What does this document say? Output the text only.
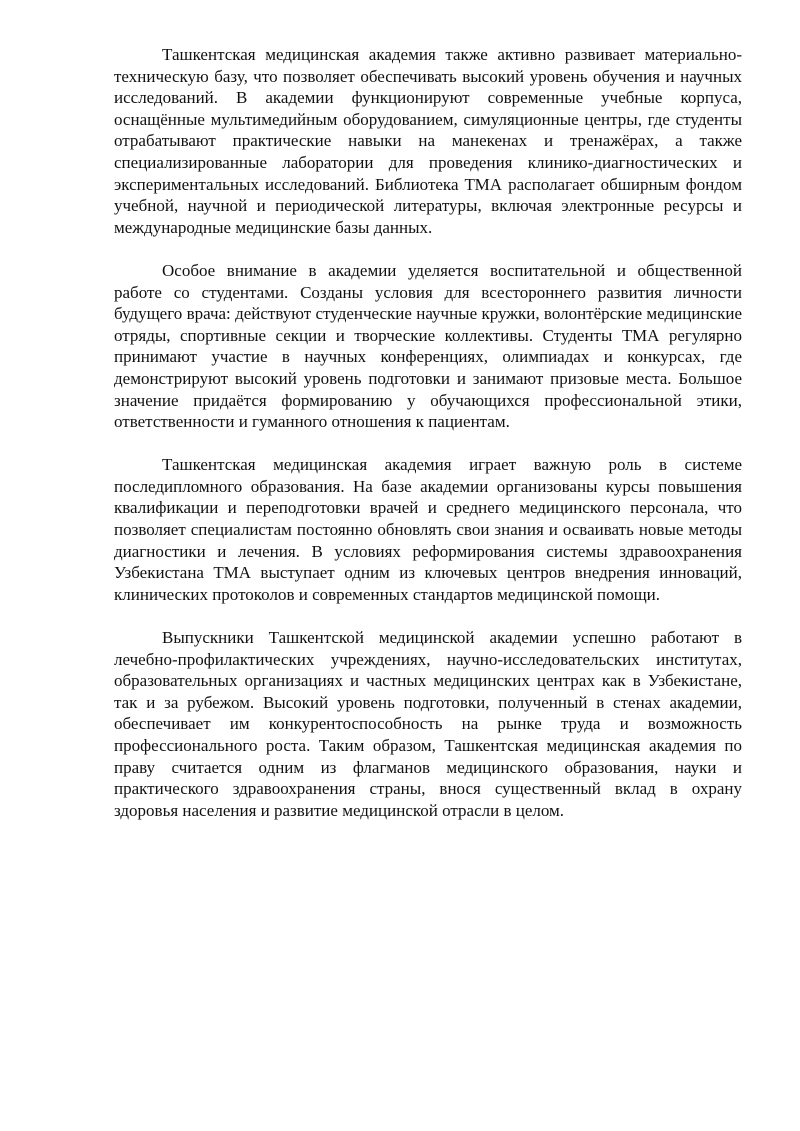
Ташкентская медицинская академия также активно развивает материально-техническую базу, что позволяет обеспечивать высокий уровень обучения и научных исследований. В академии функционируют современные учебные корпуса, оснащённые мультимедийным оборудованием, симуляционные центры, где студенты отрабатывают практические навыки на манекенах и тренажёрах, а также специализированные лаборатории для проведения клинико-диагностических и экспериментальных исследований. Библиотека ТМА располагает обширным фондом учебной, научной и периодической литературы, включая электронные ресурсы и международные медицинские базы данных.

Особое внимание в академии уделяется воспитательной и общественной работе со студентами. Созданы условия для всестороннего развития личности будущего врача: действуют студенческие научные кружки, волонтёрские медицинские отряды, спортивные секции и творческие коллективы. Студенты ТМА регулярно принимают участие в научных конференциях, олимпиадах и конкурсах, где демонстрируют высокий уровень подготовки и занимают призовые места. Большое значение придаётся формированию у обучающихся профессиональной этики, ответственности и гуманного отношения к пациентам.

Ташкентская медицинская академия играет важную роль в системе последипломного образования. На базе академии организованы курсы повышения квалификации и переподготовки врачей и среднего медицинского персонала, что позволяет специалистам постоянно обновлять свои знания и осваивать новые методы диагностики и лечения. В условиях реформирования системы здравоохранения Узбекистана ТМА выступает одним из ключевых центров внедрения инноваций, клинических протоколов и современных стандартов медицинской помощи.

Выпускники Ташкентской медицинской академии успешно работают в лечебно-профилактических учреждениях, научно-исследовательских институтах, образовательных организациях и частных медицинских центрах как в Узбекистане, так и за рубежом. Высокий уровень подготовки, полученный в стенах академии, обеспечивает им конкурентоспособность на рынке труда и возможность профессионального роста. Таким образом, Ташкентская медицинская академия по праву считается одним из флагманов медицинского образования, науки и практического здравоохранения страны, внося существенный вклад в охрану здоровья населения и развитие медицинской отрасли в целом.
